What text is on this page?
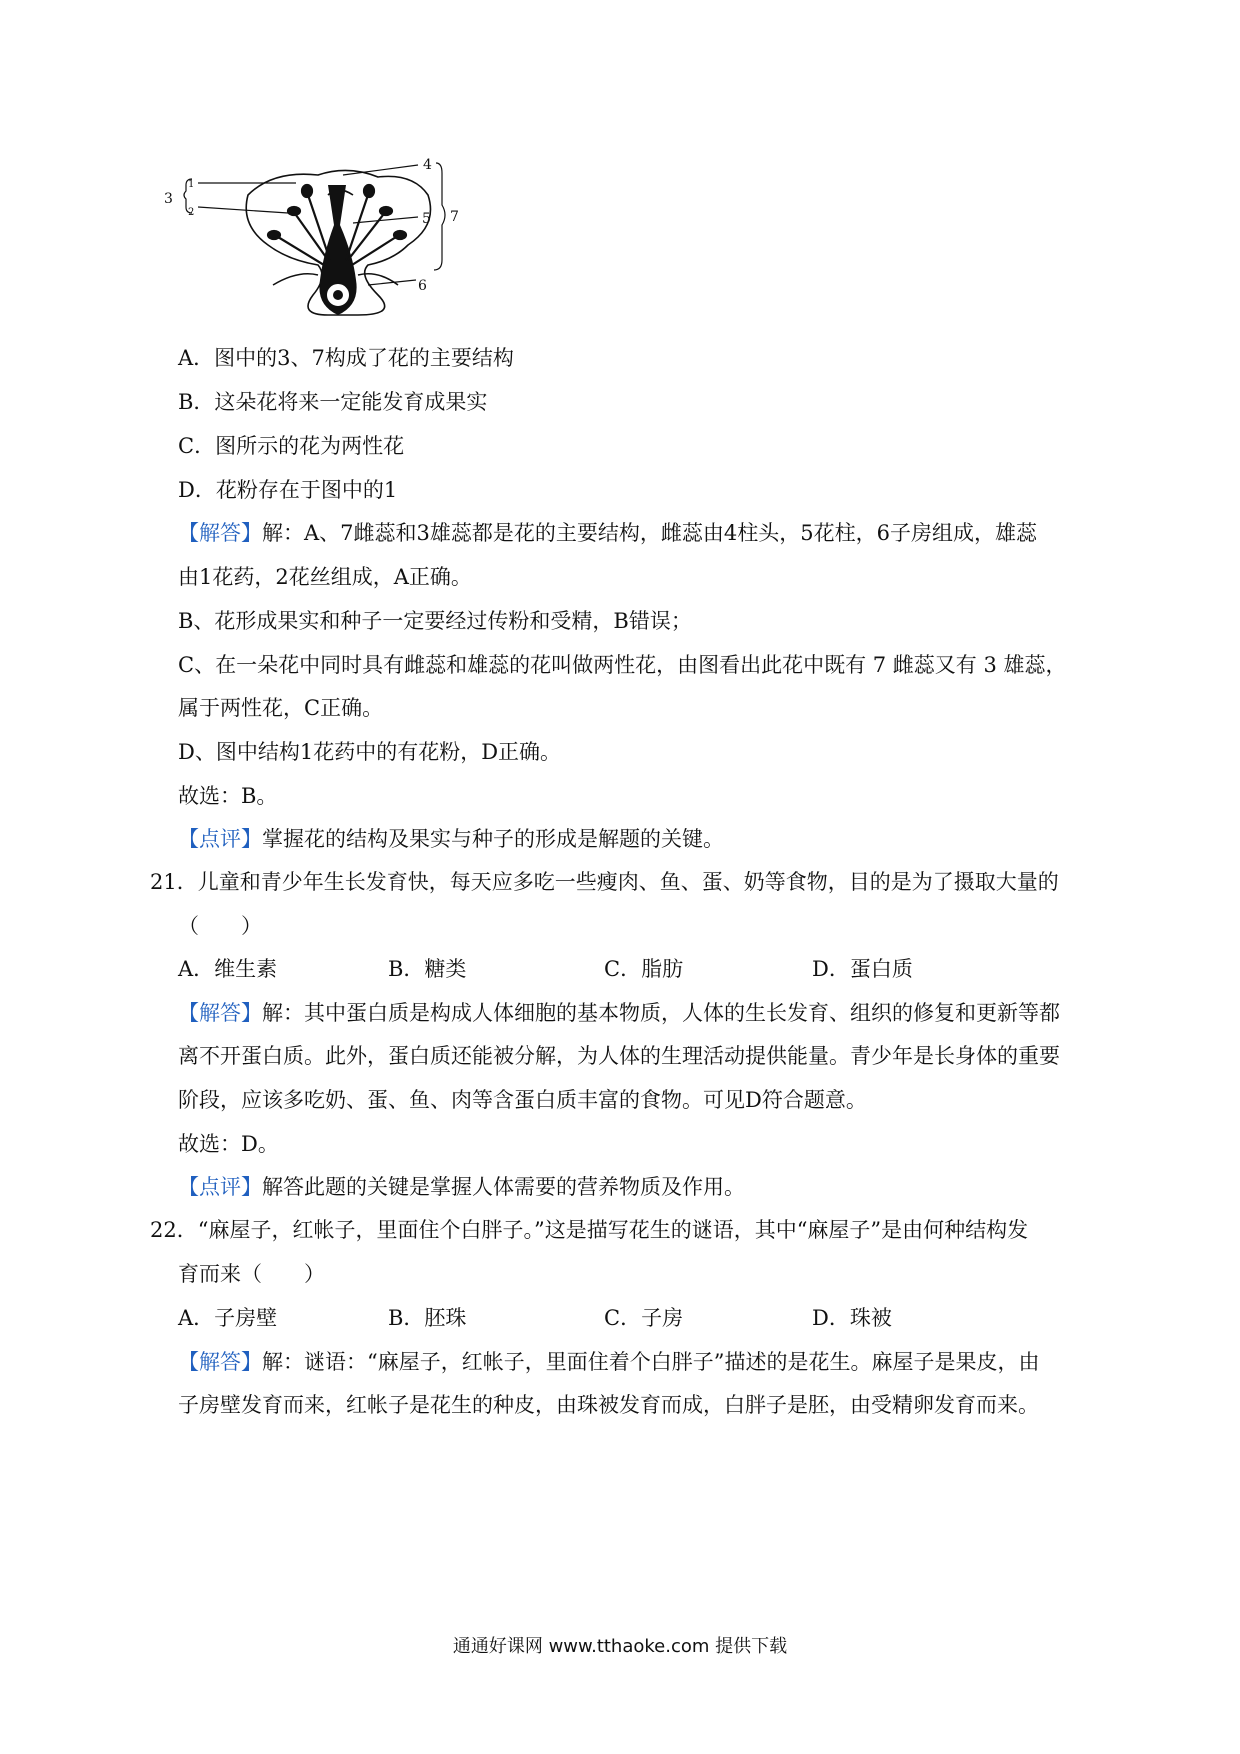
3
1
2
4
5 7
6
A．图中的3、7构成了花的主要结构
B．这朵花将来一定能发育成果实
C．图所示的花为两性花
D．花粉存在于图中的1
【解答】解：A、7雌蕊和3雄蕊都是花的主要结构，雌蕊由4柱头，5花柱，6子房组成，雄蕊
由1花药，2花丝组成，A正确。
B、花形成果实和种子一定要经过传粉和受精，B错误；
C、在一朵花中同时具有雌蕊和雄蕊的花叫做两性花，由图看出此花中既有 7 雌蕊又有 3 雄蕊，
属于两性花，C正确。
D、图中结构1花药中的有花粉，D正确。
故选：B。
【点评】掌握花的结构及果实与种子的形成是解题的关键。
21．儿童和青少年生长发育快，每天应多吃一些瘦肉、鱼、蛋、奶等食物，目的是为了摄取大量的
（　　）
A．维生素	B．糖类	C．脂肪	D．蛋白质
【解答】解：其中蛋白质是构成人体细胞的基本物质，人体的生长发育、组织的修复和更新等都
离不开蛋白质。此外，蛋白质还能被分解，为人体的生理活动提供能量。青少年是长身体的重要
阶段，应该多吃奶、蛋、鱼、肉等含蛋白质丰富的食物。可见D符合题意。
故选：D。
【点评】解答此题的关键是掌握人体需要的营养物质及作用。
22．“麻屋子，红帐子，里面住个白胖子。”这是描写花生的谜语，其中“麻屋子”是由何种结构发
育而来（　　）
A．子房壁	B．胚珠	C．子房	D．珠被
【解答】解：谜语：“麻屋子，红帐子，里面住着个白胖子”描述的是花生。麻屋子是果皮，由
子房壁发育而来，红帐子是花生的种皮，由珠被发育而成，白胖子是胚，由受精卵发育而来。
通通好课网 www.tthaoke.com 提供下载
